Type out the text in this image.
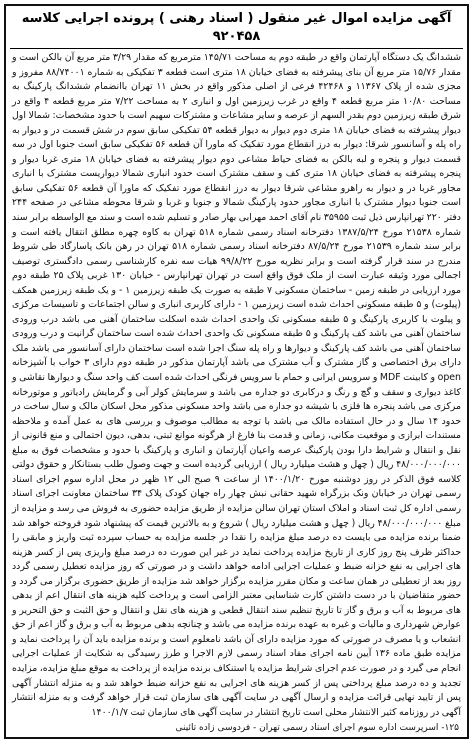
آگهی مزایده اموال غیر منقول ( اسناد رهنی ) پرونده اجرایی کلاسه ۹۲۰۴۵۸
ششدانگ یک دستگاه آپارتمان واقع در طبقه دوم به مساحت ۱۴۵/۷۱ مترمربع که مقدار ۳/۲۹ متر مربع آن بالکن است و مقدار ۱۵/۷۶ متر مربع آن بنای پیشرفته به فضای خیابان ۱۸ متری است قطعه ۳ تفکیکی به شماره ۸۸/۷۴۰۰۱ مفروز و مجزی شده از پلاک ۱۱۳۶۷ و ۴۲۴۶۸ فرعی از اصلی مذکور واقع در بخش ۱۱ تهران باانضمام ششدانگ پارکینگ به مساحت ۱۰/۸۰ متر مربع قطعه ۴ واقع در غرب زیرزمین اول و انباری ۲ به مساحت ۷/۲۲ متر مربع قطعه ۴ واقع در شرق طبقه زیرزمین دوم بقدر السهم از عرصه و سایر مشاعات و مشترکات سهیم است با حدود مشخصات: شمالا اول دیوار پیشرفته به فضای خیابان ۱۸ متری دوم دیوار به دیوار قطعه ۵۴ تفکیکی سابق سوم در شش قسمت در و دیوار به راه پله و آسانسور شرقا: دیوار به درز انقطاع مورد تفکیک که ماورا آن قطعه ۵۶ تفکیکی سابق است جنوبا اول در سه قسمت دیوار و پنجره و لبه بالکن به فضای حیاط مشاعی دوم دیوار پیشرفته به فضای خیابان ۱۸ متری غربا دیوار و پنجره پیشرفته به فضای خیابان ۱۸ متری کف و سقف مشترک است حدود انباری شمالا دیواریست مشترک با انباری مجاور غربا در و دیوار به راهرو مشاعی شرقا دیوار به درز انقطاع مورد تفکیک که ماورا آن قطعه ۵۶ تفکیکی سابق است جنوبا دیوار مشترک با انباری مجاور حدود پارکینگ شمالا و جنوبا و غربا و شرقا محوطه مشاعی در صفحه ۲۴۴ دفتر ۲۲۰ تهرانپارس ذیل ثبت ۳۵۹۵۵ نام آقای احمد مهرابی بهار صادر و تسلیم شده است و سند مع الواسطه برابر سند شماره ۲۱۵۳۸ مورخ ۱۳۸۷/۵/۲۴ دفترخانه اسناد رسمی شماره ۵۱۸ تهران به کاوه چهره مطلق انتقال یافته است و برابر سند شماره ۲۱۵۳۹ مورخ ۸۷/۵/۲۴ دفترخانه اسناد رسمی شماره ۵۱۸ تهران در رهن بانک پاسارگاد طی شروط مندرج در سند قرار گرفته است و برابر نظریه مورخ ۹۹/۸/۲۲ هیات سه نفره کارشناسی رسمی دادگستری توصیف اجمالی مورد وثیقه عبارت است از ملک فوق واقع است در تهران تهرانپارس - خیابان ۱۳۰ غربی پلاک ۲۵ طبقه دوم مورد ارزیابی در طبقه زمین - ساختمان مسکونی ۷ طبقه به صورت یک طبقه زیرزمین ۱ - و یک طبقه زیرزمین همکف (پیلوت) و ۵ طبقه مسکونی احداث شده است زیرزمین ۱ - دارای کاربری انباری و سالن اجتماعات و تاسیسات مرکزی و پیلوت با کاربری پارکینگ و ۵ طبقه مسکونی تک واحدی احداث شده اسکلت ساختمان آهنی می باشد درب ورودی ساختمان آهنی می باشد کف پارکینگ و ۵ طبقه مسکونی تک واحدی احداث شده است ساختمان گرانیت و درب ورودی ساختمان آهنی می باشد کف پارکینگ و دیوارها و راه پله سنگ اجرا شده است ساختمان دارای آسانسور می باشد ملک دارای برق اختصاصی و گاز مشترک و آب مشترک می باشد آپارتمان مذکور در طبقه دوم دارای ۳ خواب با آشپزخانه open و کابینت MDF و سرویس ایرانی و حمام با سرویس فرنگی احداث شده است کف واحد سنگ و دیوارها نقاشی و کاغذ دیواری و سقف و گچ و رنگ و درکابری دو جداره می باشد و سرمایش کولر آبی و گرمایش رادیاتور و موتورخانه مرکزی می باشد پنجره ها فلزی با شیشه دو جداره می باشد واحد مسکونی مذکور محل اسکان مالک و سال ساخت در حدود ۱۴ سال و در حال استفاده مالک می باشد با توجه به مطالب موصوف و بررسی های به عمل آمده و ملاحظه مستندات ابرازی و موقعیت مکانی، زمانی و قدمت بنا فارغ از هرگونه موانع ثبتی، بدهی، دیون احتمالی و منع قانونی از نقل و انتقال و شرایط دارا بودن پارکینگ عرصه واعیان آپارتمان و انباری و پارکینگ با حدود و مشخصات فوق به مبلغ ۴۸/۰۰۰/۰۰۰/۰۰۰ ریال ( چهل و هشت میلیارد ریال ) ارزیابی گردیده است و جهت وصول طلب بستانکار و حقوق دولتی کلاسه فوق الذکر در روز دوشنبه مورخ ۱۴۰۰/۱/۲۰ از ساعت ۹ صبح الی ۱۲ ظهر در محل اداره سوم اجرای اسناد رسمی تهران در خیابان ونک بزرگراه شهید حقانی نبش چهار راه جهان کودک پلاک ۳۴ ساختمان معاونت اجرای اسناد رسمی اداره کل ثبت اسناد و املاک استان تهران سالن مزایده از طریق مزایده حضوری به فروش می رسد و مزایده از مبلغ ۴۸/۰۰۰/۰۰۰/۰۰۰ ریال ( چهل و هشت میلیارد ریال ) شروع و به بالاترین قیمت که پیشنهاد شود فروخته خواهد شد ضمنا برنده مزایده می بایست ده درصد مبلغ مزایده را نقدا در جلسه مزایده به حساب سپرده ثبت واریز و مابقی را حداکثر ظرف پنج روز کاری از تاریخ مزایده پرداخت نماید در غیر این صورت ده درصد مبلغ واریزی پس از کسر هزینه های اجرایی به نفع خزانه ضبط و عملیات اجرایی ادامه خواهد داشت و در صورتی که روز مزایده تعطیل رسمی گردد روز بعد از تعطیلی در همان ساعت و مکان مقرر مزایده برگزار خواهد شد مزایده از طریق حضوری برگزار می گردد و حضور متقاضیان با در دست داشتن کارت شناسایی معتبر الزامی است و پرداخت کلیه هزینه های انتقال اعم از بدهی های مربوط به آب و برق و گاز تا تاریخ تنظیم سند انتقال قطعی و هزینه های نقل و انتقال و حق الثبت و حق التحریر و عوارض شهرداری و مالیات و غیره به عهده برنده مزایده می باشد و چنانچه بدهی مربوط به آب و برق و گاز اعم از حق انشعاب و یا مصرف در صورتی که مورد مزایده دارای آن باشد نامعلوم است و برنده مزایده باید آن را پرداخت نماید و مزایده طبق ماده ۱۳۶ آیین نامه اجرای مفاد اسناد رسمی لازم الاجرا و طرز رسیدگی به شکایت از عملیات اجرایی انجام می گیرد و در صورت عدم اجرای شرایط مزایده یا استنکاف برنده مزایده از پرداخت به موقع مبلغ مزایده، مزایده تجدید و ده درصد مبلغ پرداختی پس از کسر هزینه های اجرایی به نفع خزانه ضبط خواهد شد و به منزله انتشار آگهی پس از تایید نهایی قرائت مزایده و ارسال آگهی در سایت آگهی های سازمان ثبت قرار خواهد گرفت و به منزله انتشار آگهی در روزنامه کثیر الانتشار محلی است تاریخ انتشار در سایت آگهی های سازمان ثبت ۱۴۰۰/۱/۷
۱۲۵- اسرپرست اداره سوم اجرای اسناد رسمی تهران - فردوسی زاده تائینی
